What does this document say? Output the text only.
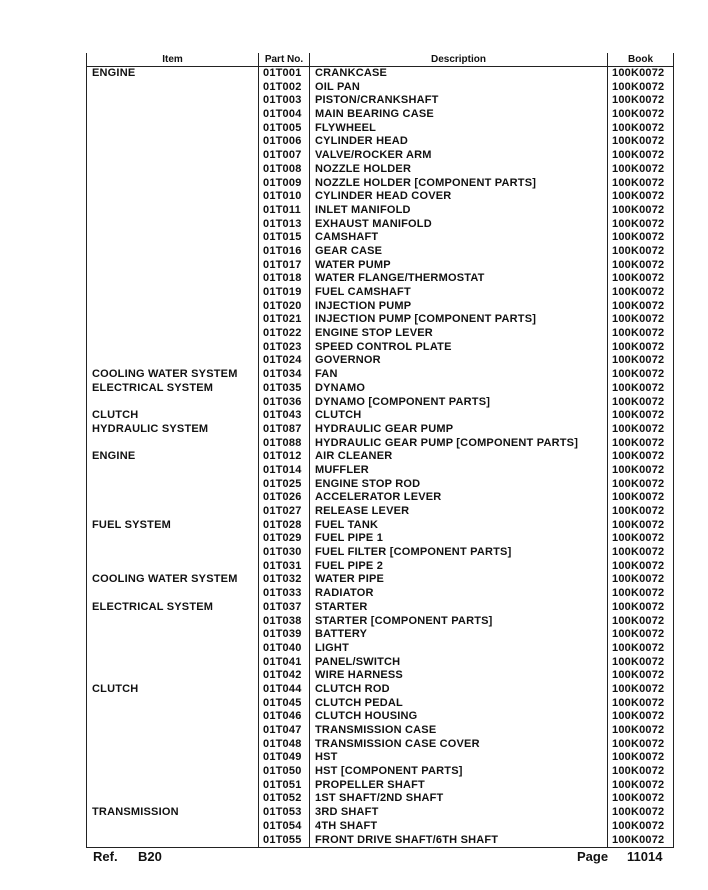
Item	Part No.	Description	Book
ENGINE	01T001	CRANKCASE	100K0072
	01T002	OIL PAN	100K0072
	01T003	PISTON/CRANKSHAFT	100K0072
	01T004	MAIN BEARING CASE	100K0072
	01T005	FLYWHEEL	100K0072
	01T006	CYLINDER HEAD	100K0072
	01T007	VALVE/ROCKER ARM	100K0072
	01T008	NOZZLE HOLDER	100K0072
	01T009	NOZZLE HOLDER [COMPONENT PARTS]	100K0072
	01T010	CYLINDER HEAD COVER	100K0072
	01T011	INLET MANIFOLD	100K0072
	01T013	EXHAUST MANIFOLD	100K0072
	01T015	CAMSHAFT	100K0072
	01T016	GEAR CASE	100K0072
	01T017	WATER PUMP	100K0072
	01T018	WATER FLANGE/THERMOSTAT	100K0072
	01T019	FUEL CAMSHAFT	100K0072
	01T020	INJECTION PUMP	100K0072
	01T021	INJECTION PUMP [COMPONENT PARTS]	100K0072
	01T022	ENGINE STOP LEVER	100K0072
	01T023	SPEED CONTROL PLATE	100K0072
	01T024	GOVERNOR	100K0072
COOLING WATER SYSTEM	01T034	FAN	100K0072
ELECTRICAL SYSTEM	01T035	DYNAMO	100K0072
	01T036	DYNAMO [COMPONENT PARTS]	100K0072
CLUTCH	01T043	CLUTCH	100K0072
HYDRAULIC SYSTEM	01T087	HYDRAULIC GEAR PUMP	100K0072
	01T088	HYDRAULIC GEAR PUMP [COMPONENT PARTS]	100K0072
ENGINE	01T012	AIR CLEANER	100K0072
	01T014	MUFFLER	100K0072
	01T025	ENGINE STOP ROD	100K0072
	01T026	ACCELERATOR LEVER	100K0072
	01T027	RELEASE LEVER	100K0072
FUEL SYSTEM	01T028	FUEL TANK	100K0072
	01T029	FUEL PIPE 1	100K0072
	01T030	FUEL FILTER [COMPONENT PARTS]	100K0072
	01T031	FUEL PIPE 2	100K0072
COOLING WATER SYSTEM	01T032	WATER PIPE	100K0072
	01T033	RADIATOR	100K0072
ELECTRICAL SYSTEM	01T037	STARTER	100K0072
	01T038	STARTER [COMPONENT PARTS]	100K0072
	01T039	BATTERY	100K0072
	01T040	LIGHT	100K0072
	01T041	PANEL/SWITCH	100K0072
	01T042	WIRE HARNESS	100K0072
CLUTCH	01T044	CLUTCH ROD	100K0072
	01T045	CLUTCH PEDAL	100K0072
	01T046	CLUTCH HOUSING	100K0072
	01T047	TRANSMISSION CASE	100K0072
	01T048	TRANSMISSION CASE COVER	100K0072
	01T049	HST	100K0072
	01T050	HST [COMPONENT PARTS]	100K0072
	01T051	PROPELLER SHAFT	100K0072
	01T052	1ST SHAFT/2ND SHAFT	100K0072
TRANSMISSION	01T053	3RD SHAFT	100K0072
	01T054	4TH SHAFT	100K0072
	01T055	FRONT DRIVE SHAFT/6TH SHAFT	100K0072
Ref. B20	Page 11014
